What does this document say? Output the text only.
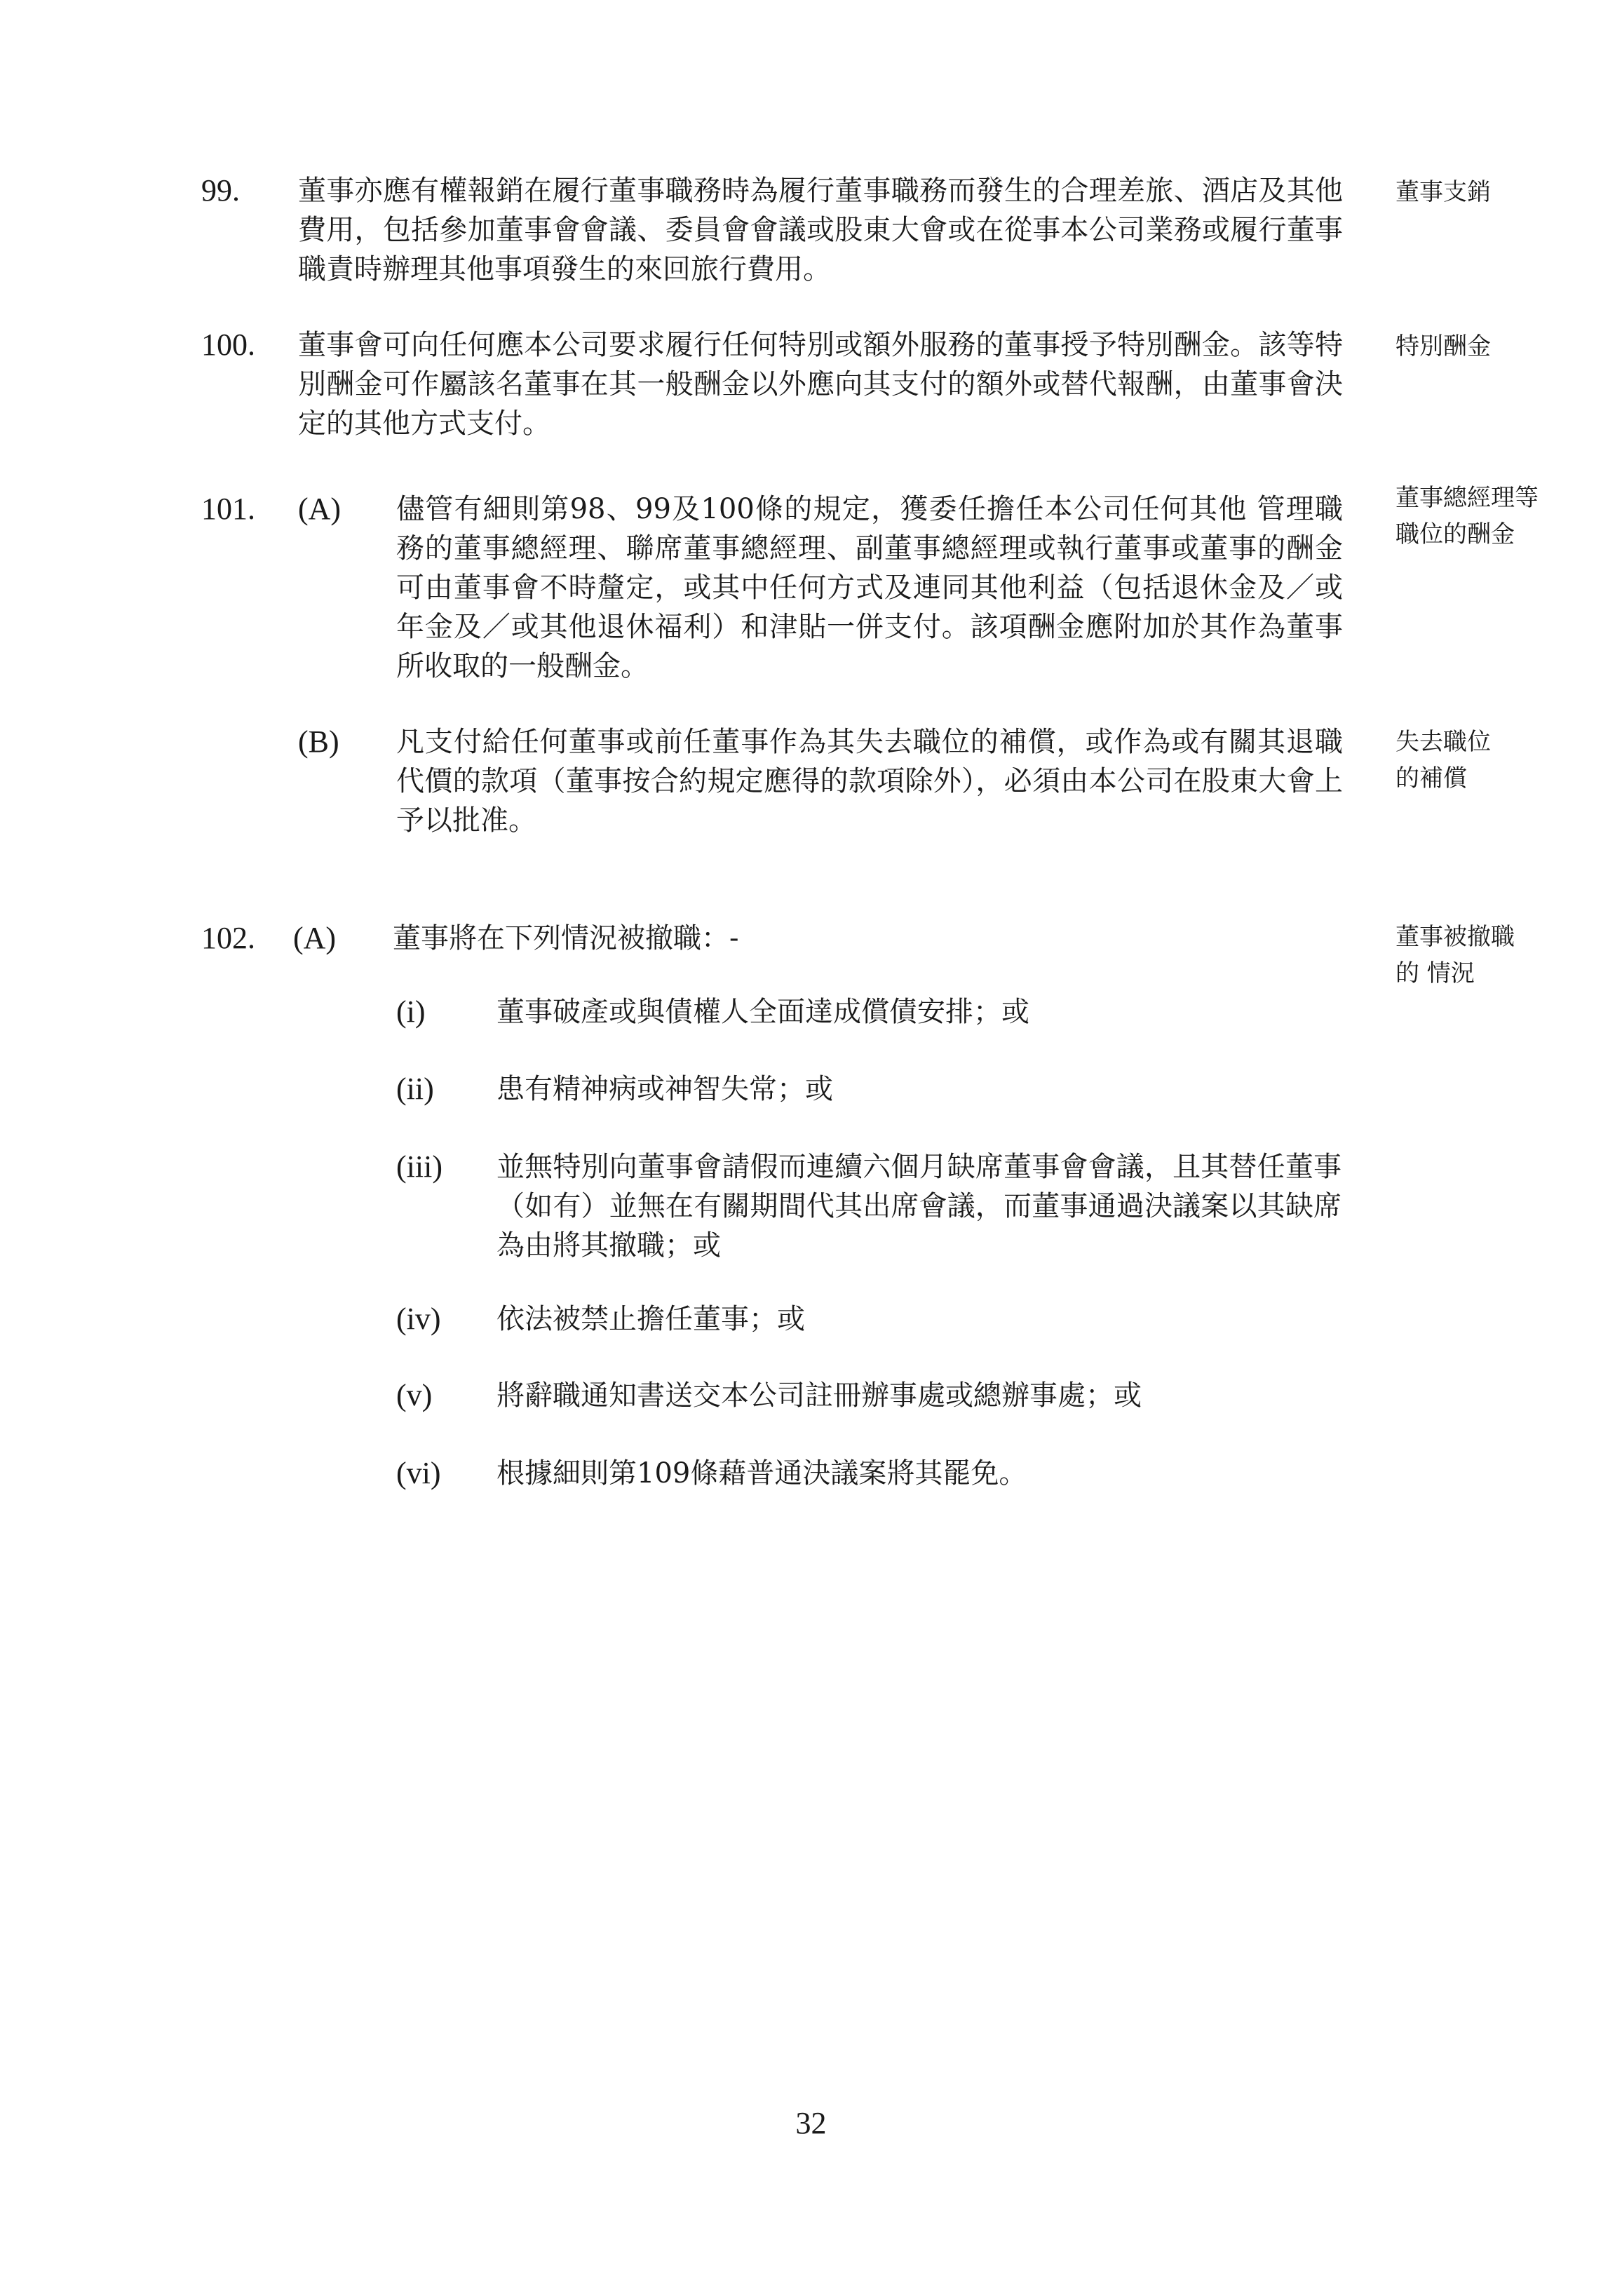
99. 董事亦應有權報銷在履行董事職務時為履行董事職務而發生的合理差旅、酒店及其他費用，包括參加董事會會議、委員會會議或股東大會或在從事本公司業務或履行董事職責時辦理其他事項發生的來回旅行費用。
董事支銷
100. 董事會可向任何應本公司要求履行任何特別或額外服務的董事授予特別酬金。該等特別酬金可作屬該名董事在其一般酬金以外應向其支付的額外或替代報酬，由董事會決定的其他方式支付。
特別酬金
101. (A) 儘管有細則第98、99及100條的規定，獲委任擔任本公司任何其他 管理職務的董事總經理、聯席董事總經理、副董事總經理或執行董事或董事的酬金可由董事會不時釐定，或其中任何方式及連同其他利益（包括退休金及／或年金及／或其他退休福利）和津貼一併支付。該項酬金應附加於其作為董事所收取的一般酬金。
董事總經理等 職位的酬金
(B) 凡支付給任何董事或前任董事作為其失去職位的補償，或作為或有關其退職代價的款項（董事按合約規定應得的款項除外），必須由本公司在股東大會上予以批准。
失去職位的補償
102. (A) 董事將在下列情況被撤職：-	董事被撤職的 情況
(i)	董事破產或與債權人全面達成償債安排；或
(ii) 患有精神病或神智失常；或
(iii) 並無特別向董事會請假而連續六個月缺席董事會會議，且其替任董事（如有）並無在有關期間代其出席會議，而董事通過決議案以其缺席為由將其撤職；或
(iv) 依法被禁止擔任董事；或
(v) 將辭職通知書送交本公司註冊辦事處或總辦事處；或
(vi) 根據細則第109條藉普通決議案將其罷免。
32
